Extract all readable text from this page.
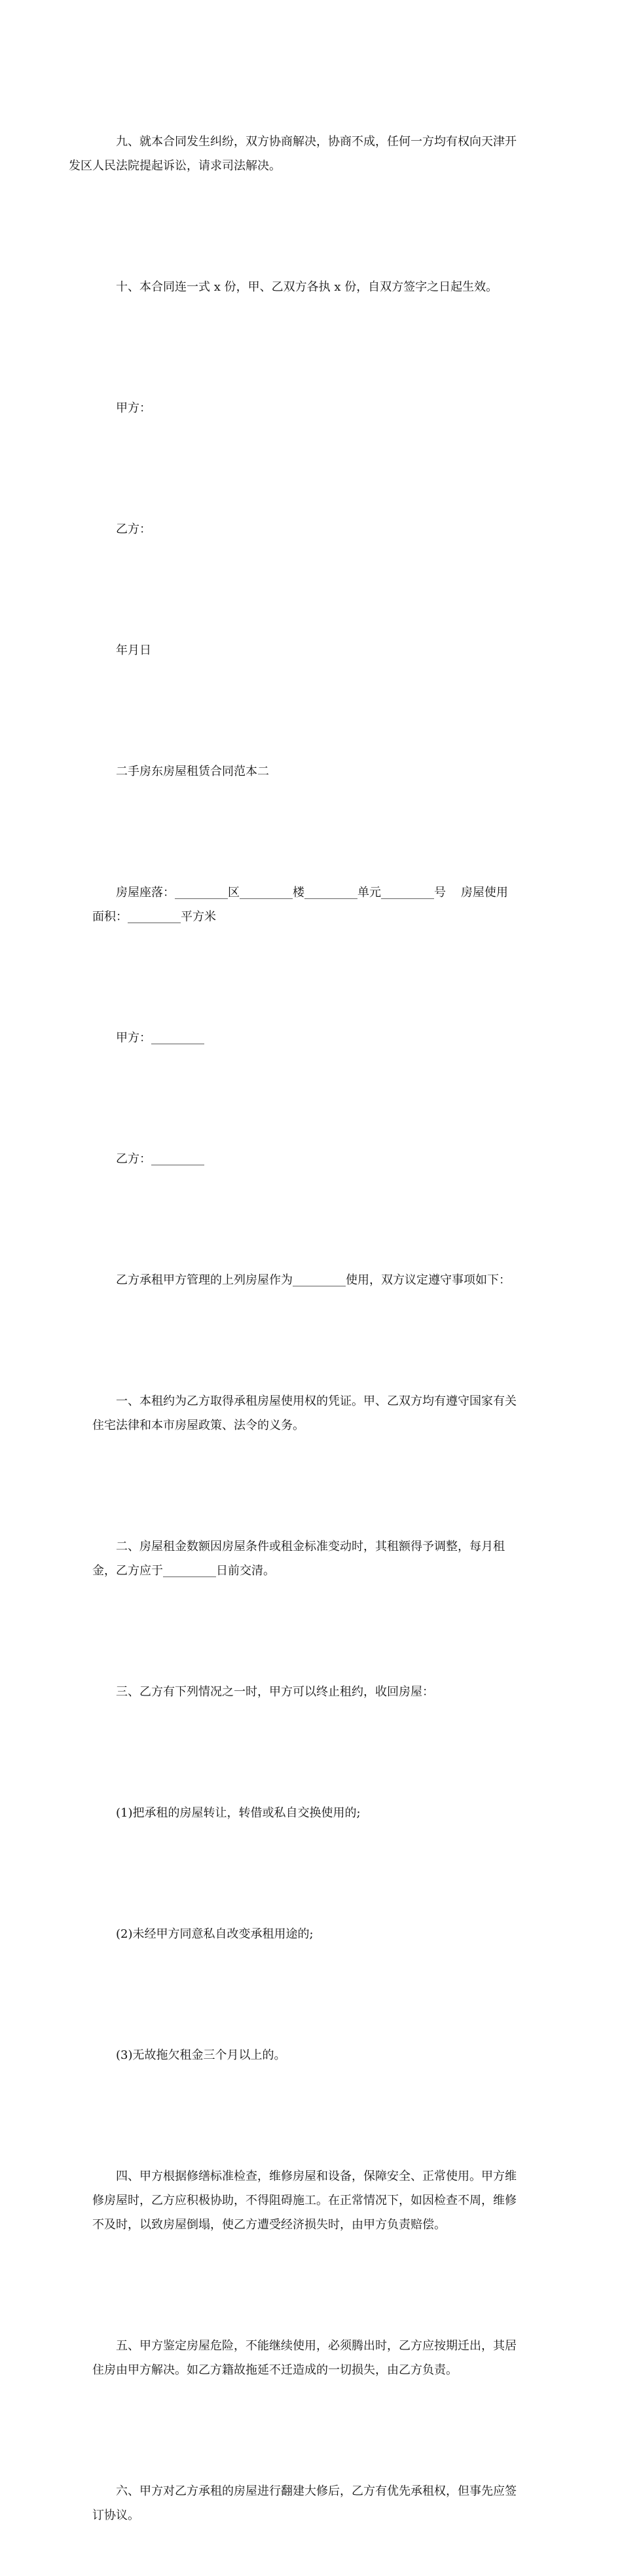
九、就本合同发生纠纷，双方协商解决，协商不成，任何一方均有权向天津开
发区人民法院提起诉讼，请求司法解决。

十、本合同连一式 x 份，甲、乙双方各执 x 份，自双方签字之日起生效。

甲方：

乙方：

年月日

二手房东房屋租赁合同范本二

房屋座落：_________区_________楼_________单元_________号    房屋使用
面积：_________平方米

甲方：_________

乙方：_________

乙方承租甲方管理的上列房屋作为_________使用，双方议定遵守事项如下：

一、本租约为乙方取得承租房屋使用权的凭证。甲、乙双方均有遵守国家有关
住宅法律和本市房屋政策、法令的义务。

二、房屋租金数额因房屋条件或租金标准变动时，其租额得予调整，每月租
金，乙方应于_________日前交清。

三、乙方有下列情况之一时，甲方可以终止租约，收回房屋：

(1)把承租的房屋转让，转借或私自交换使用的;

(2)未经甲方同意私自改变承租用途的;

(3)无故拖欠租金三个月以上的。

四、甲方根据修缮标准检查，维修房屋和设备，保障安全、正常使用。甲方维
修房屋时，乙方应积极协助，不得阻碍施工。在正常情况下，如因检查不周，维修
不及时，以致房屋倒塌，使乙方遭受经济损失时，由甲方负责赔偿。

五、甲方鉴定房屋危险，不能继续使用，必须腾出时，乙方应按期迁出，其居
住房由甲方解决。如乙方籍故拖延不迁造成的一切损失，由乙方负责。

六、甲方对乙方承租的房屋进行翻建大修后，乙方有优先承租权，但事先应签
订协议。
